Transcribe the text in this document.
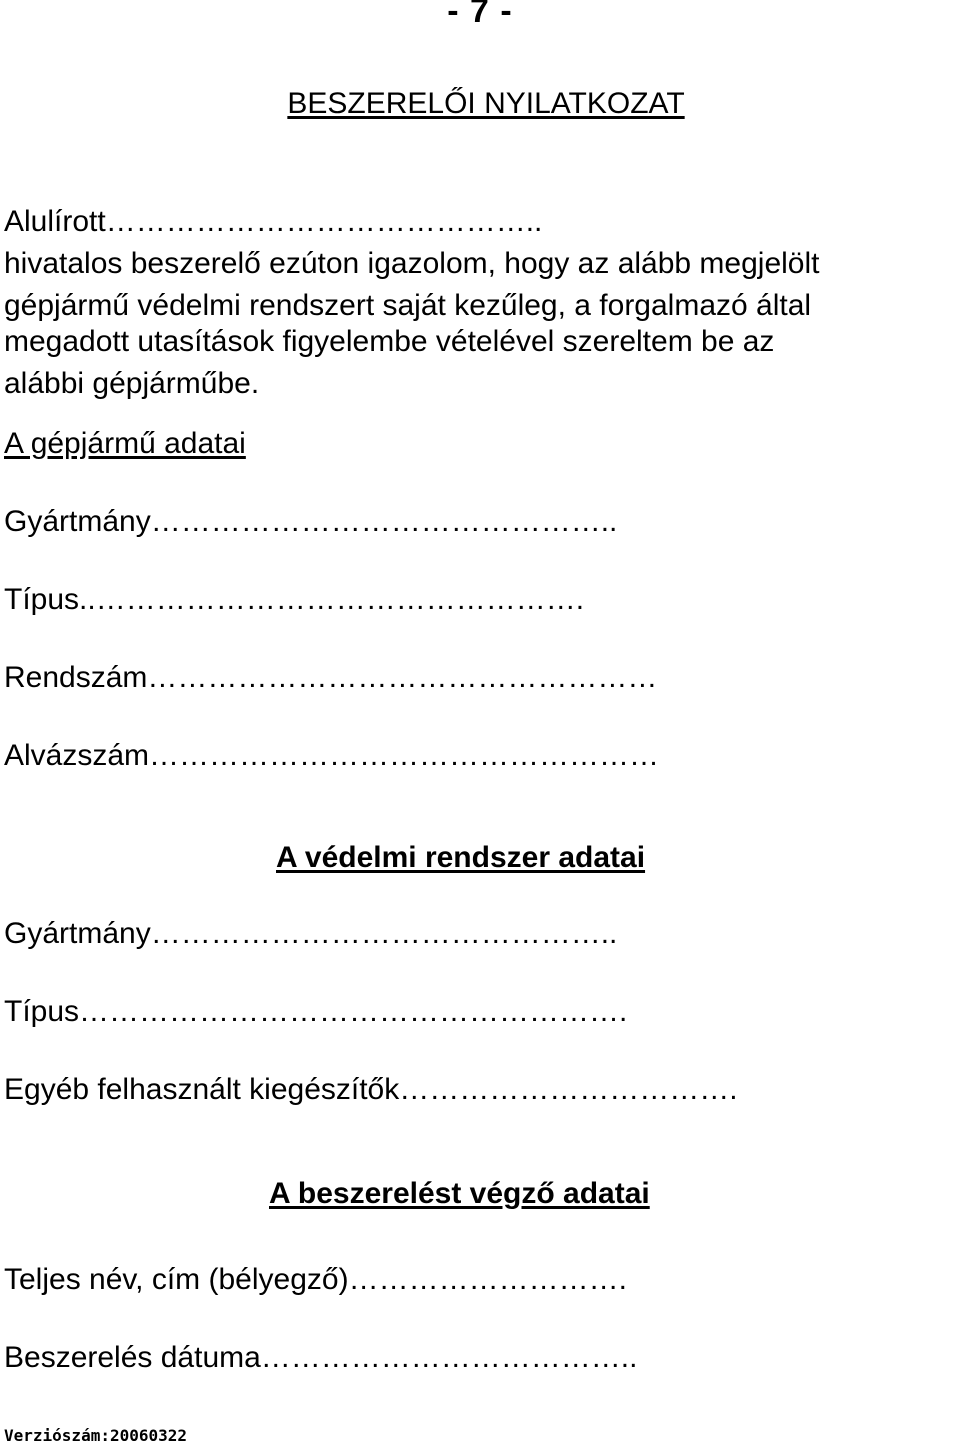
- 7 -
BESZERELŐI NYILATKOZAT
Alulírott……………………………………..
hivatalos beszerelő ezúton igazolom, hogy az alább megjelölt
gépjármű védelmi rendszert saját kezűleg, a forgalmazó által
megadott utasítások figyelembe vételével szereltem be az
alábbi gépjárműbe.
A gépjármű adatai
Gyártmány………………………………………..
Típus..………………………………………….
Rendszám……………………………………………
Alvázszám……………………………………………
A védelmi rendszer adatai
Gyártmány………………………………………..
Típus……………………………………………….
Egyéb felhasznált kiegészítők…………………………….
A beszerelést végző adatai
Teljes név, cím (bélyegző)……………………….
Beszerelés dátuma………………………………..
Verziószám:20060322
